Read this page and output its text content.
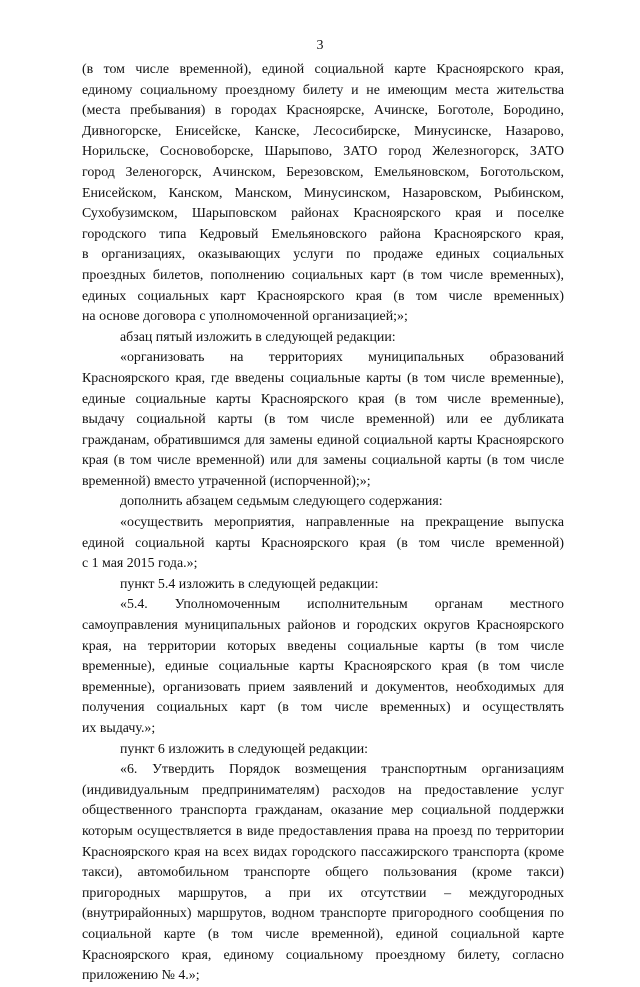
3
(в том числе временной), единой социальной карте Красноярского края,
единому социальному проездному билету и не имеющим места жительства
(места пребывания) в городах Красноярске, Ачинске, Боготоле, Бородино,
Дивногорске, Енисейске, Канске, Лесосибирске, Минусинске, Назарово,
Норильске, Сосновоборске, Шарыпово, ЗАТО город Железногорск, ЗАТО
город Зеленогорск, Ачинском, Березовском, Емельяновском, Боготольском,
Енисейском, Канском, Манском, Минусинском, Назаровском, Рыбинском,
Сухобузимском, Шарыповском районах Красноярского края и поселке
городского типа Кедровый Емельяновского района Красноярского края,
в организациях, оказывающих услуги по продаже единых социальных
проездных билетов, пополнению социальных карт (в том числе временных),
единых социальных карт Красноярского края (в том числе временных)
на основе договора с уполномоченной организацией;»;
абзац пятый изложить в следующей редакции:
«организовать на территориях муниципальных образований
Красноярского края, где введены социальные карты (в том числе временные),
единые социальные карты Красноярского края (в том числе временные),
выдачу социальной карты (в том числе временной) или ее дубликата
гражданам, обратившимся для замены единой социальной карты Красноярского
края (в том числе временной) или для замены социальной карты (в том числе
временной) вместо утраченной (испорченной);»;
дополнить абзацем седьмым следующего содержания:
«осуществить мероприятия, направленные на прекращение выпуска
единой социальной карты Красноярского края (в том числе временной)
с 1 мая 2015 года.»;
пункт 5.4 изложить в следующей редакции:
«5.4. Уполномоченным исполнительным органам местного
самоуправления муниципальных районов и городских округов Красноярского
края, на территории которых введены социальные карты (в том числе
временные), единые социальные карты Красноярского края (в том числе
временные), организовать прием заявлений и документов, необходимых для
получения социальных карт (в том числе временных) и осуществлять
их выдачу.»;
пункт 6 изложить в следующей редакции:
«6. Утвердить Порядок возмещения транспортным организациям
(индивидуальным предпринимателям) расходов на предоставление услуг
общественного транспорта гражданам, оказание мер социальной поддержки
которым осуществляется в виде предоставления права на проезд по территории
Красноярского края на всех видах городского пассажирского транспорта (кроме
такси), автомобильном транспорте общего пользования (кроме такси)
пригородных маршрутов, а при их отсутствии – междугородных
(внутрирайонных) маршрутов, водном транспорте пригородного сообщения по
социальной карте (в том числе временной), единой социальной карте
Красноярского края, единому социальному проездному билету, согласно
приложению № 4.»;
